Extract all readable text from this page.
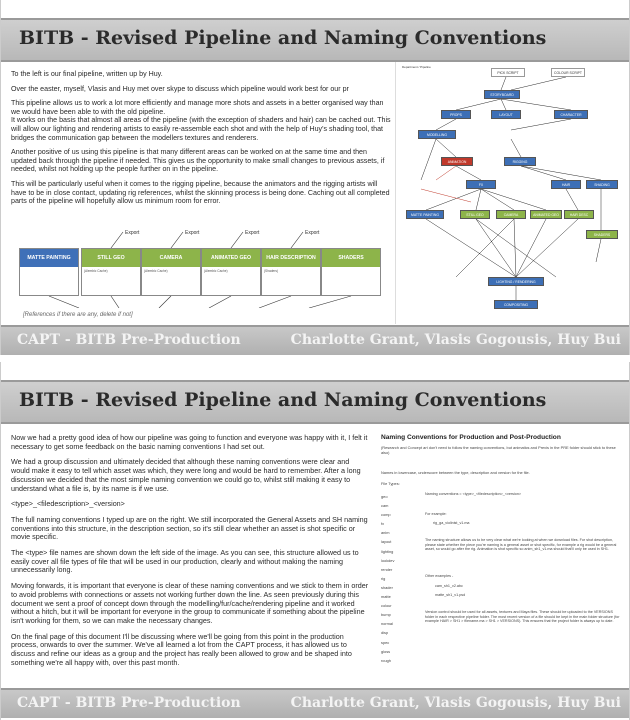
BITB - Revised Pipeline and Naming Conventions

To the left is our final pipeline, written up by Huy.

Over the easter, myself, Vlasis and Huy met over skype to discuss which pipeline would work best for our pr

This pipeline allows us to work a lot more efficiently and manage more shots and assets in a better organised way than we would have been able to with the old pipeline.
It works on the basis that almost all areas of the pipeline (with the exception of shaders and hair) can be cached out. This will allow our lighting and rendering artists to easily re-assemble each shot and with the help of Huy's shading tool, that bridges the communication gap between the modellers textures and renderers.

Another positive of us using this pipeline is that many different areas can be worked on at the same time and then updated back through the pipeline if needed. This gives us the opportunity to make small changes to previous assets, if needed, whilst not holding up the people further on in the pipeline.

This will be particularly useful when it comes to the rigging pipeline, because the animators and the rigging artists will have to be in close contact, updating rig references, whilst the skinning process is being done. Caching out all completed parts of the pipeline will hopefully allow us minimum room for error.

Export	Export	Export	Export
MATTE PAINTING	STILL GEO
(Alembic Cache)
CAMERA
(Alembic Cache)
ANIMATED GEO
(Alembic Cache)
HAIR DESCRIPTION
(Shaders)
SHADERS
[References if there are any, delete if not]
Department / Pipeline
PICK SCRIPT	COLOUR SCRIPT
STORYBOARD
PROPS	LAYOUT	CHARACTER
MODELLING
ANIMATION	RIGGING
FX	HAIR	SHADING
MATTE PAINTING	STILL GEO	CAMERA	ANIMATED GEO	HAIR DESC
SHADERS
LIGHTING / RENDERING
COMPOSITING
CAPT - BITB Pre-Production	Charlotte Grant, Vlasis Gogousis, Huy Bui
BITB - Revised Pipeline and Naming Conventions

Now we had a pretty good idea of how our pipeline was going to function and everyone was happy with it, I felt it necessary to get some feedback on the basic naming conventions I had set out.

We had a group discussion and ultimately decided that although these naming conventions were clear and would make it easy to tell which asset was which, they were long and would be hard to remember. After a long discussion we decided that the most simple naming convention we could go to, whilst still making it easy to understand what a file is, by its name is if we use.

<type>_<filedescription>_<version>

The full naming conventions I typed up are on the right. We still incorporated the General Assets and SH naming conventions into this structure, in the description section, so it's still clear whether an asset is shot specific or movie specific.

The <type> file names are shown down the left side of the image. As you can see, this structure allowed us to easily cover all file types of file that will be used in our production, clearly and without making the naming unnecessarily long.

Moving forwards, it is important that everyone is clear of these naming conventions and we stick to them in order to avoid problems with connections or assets not working further down the line. As seen previously during this document we sent a proof of concept down through the modelling/fur/cache/rendering pipeline and it worked without a hitch, but it will be important for everyone in the group to communicate if something about the pipeline isn't working for them, so we can make the necessary changes.

On the final page of this document I'll be discussing where we'll be going from this point in the production process, onwards to over the summer. We've all learned a lot from the CAPT process, it has allowed us to discuss and refine our ideas as a group and the project has really been allowed to grow and be shaped into something we're all happy with, over this past month.

Naming Conventions for Production and Post-Production
(Research and Concept art don't need to follow the naming conventions, but animatics and Previs in the PRE folder should stick to these also)
Names in lowercase, underscore between the type, description and version for the file.
File Types:
geo
cam
comp
fx
anim
layout
lighting
lookdev
render
rig
shader
matte
colour
bump
normal
disp
spec
gloss
rough
Naming conventions = <type>_<filedescription>_<version>
For example:
rig_ga_violinist_v1.ma
The naming structure allows us to be very clear what we're looking at when we download files. For shot description, please state whether the piece you're naming is a general asset or shot specific, for example a rig would be a general asset, so would go after the rig. Animation is shot specific so anim_sh1_v1.ma should that'll only be used in SH1.
Other examples -
cam_sh1_v2.abc
matte_sh1_v1.psd
Version control should be used for all assets, textures and Maya files. These should be uploaded to the VERSIONS folder in each respective pipeline folder. The most recent version of a file should be kept in the main folder structure (for example HAIR > SH1 > filename.ma > SH1 > VERSIONS). This ensures that the project folder is always up to date.
CAPT - BITB Pre-Production	Charlotte Grant, Vlasis Gogousis, Huy Bui
